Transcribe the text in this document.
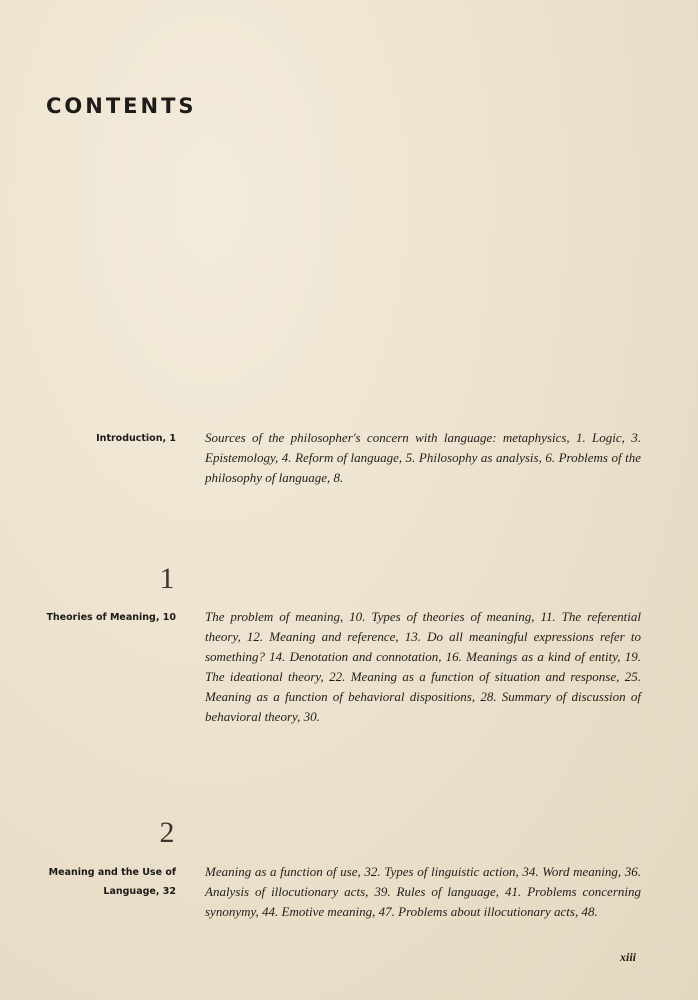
CONTENTS
Introduction, 1 Sources of the philosopher's concern with language: metaphysics, 1. Logic, 3. Epistemology, 4. Reform of language, 5. Philosophy as analysis, 6. Problems of the philosophy of language, 8.
1
Theories of Meaning, 10 The problem of meaning, 10. Types of theories of meaning, 11. The referential theory, 12. Meaning and reference, 13. Do all meaningful expressions refer to something? 14. Denotation and connotation, 16. Meanings as a kind of entity, 19. The ideational theory, 22. Meaning as a function of situation and response, 25. Meaning as a function of behavioral dispositions, 28. Summary of discussion of behavioral theory, 30.
2
Meaning and the Use of Language, 32
Meaning as a function of use, 32. Types of linguistic action, 34. Word meaning, 36. Analysis of illocutionary acts, 39. Rules of language, 41. Problems concerning synonymy, 44. Emotive meaning, 47. Problems about illocutionary acts, 48.
xiii
